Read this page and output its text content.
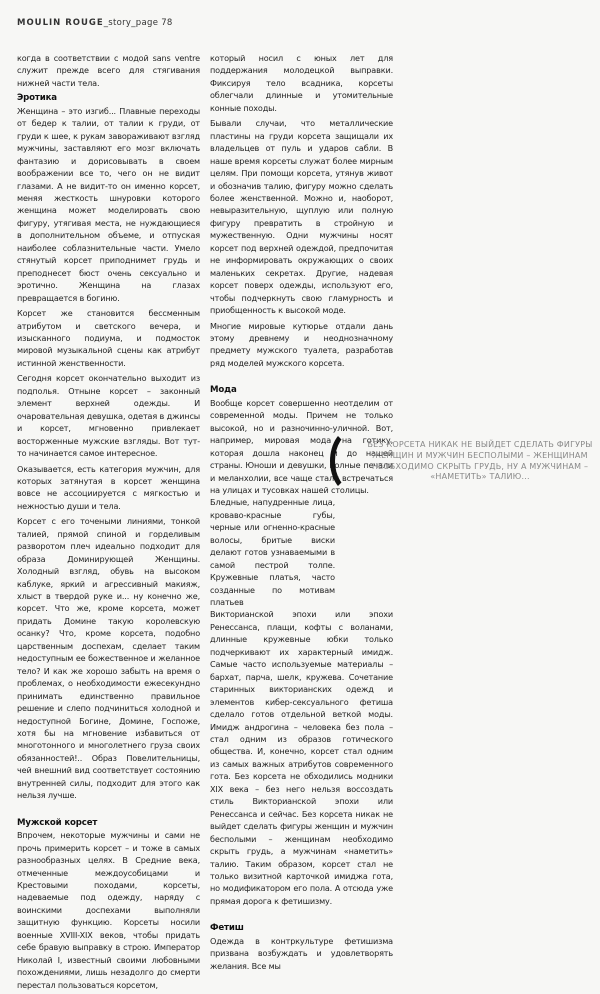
MOULIN ROUGE_story_page 78

когда в соответствии с модой sans ventre служит прежде всего для стягивания нижней части тела.

Эротика

Женщина – это изгиб... Плавные переходы от бедер к талии, от талии к груди, от груди к шее, к рукам завораживают взгляд мужчины, заставляют его мозг включать фантазию и дорисовывать в своем воображении все то, чего он не видит глазами. А не видит-то он именно корсет, меняя жесткость шнуровки которого женщина может моделировать свою фигуру, утягивая места, не нуждающиеся в дополнительном объеме, и отпуская наиболее соблазнительные части. Умело стянутый корсет приподнимет грудь и преподнесет бюст очень сексуально и эротично. Женщина на глазах превращается в богиню.

Корсет же становится бессменным атрибутом и светского вечера, и изысканного подиума, и подмосток мировой музыкальной сцены как атрибут истинной женственности.

Сегодня корсет окончательно выходит из подполья. Отныне корсет – законный элемент верхней одежды. И очаровательная девушка, одетая в джинсы и корсет, мгновенно привлекает восторженные мужские взгляды. Вот тут-то начинается самое интересное.

Оказывается, есть категория мужчин, для которых затянутая в корсет женщина вовсе не ассоциируется с мягкостью и нежностью души и тела.

Корсет с его точеными линиями, тонкой талией, прямой спиной и горделивым разворотом плеч идеально подходит для образа Доминирующей Женщины. Холодный взгляд, обувь на высоком каблуке, яркий и агрессивный макияж, хлыст в твердой руке и... ну конечно же, корсет. Что же, кроме корсета, может придать Домине такую королевскую осанку? Что, кроме корсета, подобно царственным доспехам, сделает таким недоступным ее божественное и желанное тело? И как же хорошо забыть на время о проблемах, о необходимости ежесекундно принимать единственно правильное решение и слепо подчиниться холодной и недоступной Богине, Домине, Госпоже, хотя бы на мгновение избавиться от многотонного и многолетнего груза своих обязанностей!.. Образ Повелительницы, чей внешний вид соответствует состоянию внутренней силы, подходит для этого как нельзя лучше.

Мужской корсет

Впрочем, некоторые мужчины и сами не прочь примерить корсет – и тоже в самых разнообразных целях. В Средние века, отмеченные междоусобицами и Крестовыми походами, корсеты, надеваемые под одежду, наряду с воинскими доспехами выполняли защитную функцию. Корсеты носили военные XVIII-XIX веков, чтобы придать себе бравую выправку в строю. Император Николай I, известный своими любовными похождениями, лишь незадолго до смерти перестал пользоваться корсетом,

который носил с юных лет для поддержания молодецкой выправки. Фиксируя тело всадника, корсеты облегчали длинные и утомительные конные походы.

Бывали случаи, что металлические пластины на груди корсета защищали их владельцев от пуль и ударов сабли. В наше время корсеты служат более мирным целям. При помощи корсета, утянув живот и обозначив талию, фигуру можно сделать более женственной. Можно и, наоборот, невыразительную, щуплую или полную фигуру превратить в стройную и мужественную. Одни мужчины носят корсет под верхней одеждой, предпочитая не информировать окружающих о своих маленьких секретах. Другие, надевая корсет поверх одежды, используют его, чтобы подчеркнуть свою гламурность и приобщенность к высокой моде.

Многие мировые кутюрье отдали дань этому древнему и неоднозначному предмету мужского туалета, разработав ряд моделей мужского корсета.

Мода

Вообще корсет совершенно неотделим от современной моды. Причем не только высокой, но и разночинно-уличной. Вот, например, мировая мода на готику, которая дошла наконец и до нашей страны. Юноши и девушки, полные печали и меланхолии, все чаще стали встречаться на улицах и тусовках нашей столицы.

Бледные, напудренные лица, кроваво-красные губы, черные или огненно-красные волосы, бритые виски делают готов узнаваемыми в самой пестрой толпе. Кружевные платья, часто созданные по мотивам платьев

Викторианской эпохи или эпохи Ренессанса, плащи, кофты с воланами, длинные кружевные юбки только подчеркивают их характерный имидж. Самые часто используемые материалы – бархат, парча, шелк, кружева. Сочетание старинных викторианских одежд и элементов кибер-сексуального фетиша сделало готов отдельной веткой моды. Имидж андрогина – человека без пола – стал одним из образов готического общества. И, конечно, корсет стал одним из самых важных атрибутов современного гота. Без корсета не обходились модники XIX века – без него нельзя воссоздать стиль Викторианской эпохи или Ренессанса и сейчас. Без корсета никак не выйдет сделать фигуры женщин и мужчин бесполыми – женщинам необходимо скрыть грудь, а мужчинам «наметить» талию. Таким образом, корсет стал не только визитной карточкой имиджа гота, но модификатором его пола. А отсюда уже прямая дорога к фетишизму.

Фетиш

Одежда в контркультуре фетишизма призвана возбуждать и удовлетворять желания. Все мы

БЕЗ КОРСЕТА НИКАК НЕ ВЫЙДЕТ СДЕЛАТЬ ФИГУРЫ ЖЕНЩИН И МУЖЧИН БЕСПОЛЫМИ – ЖЕНЩИНАМ НЕОБХОДИМО СКРЫТЬ ГРУДЬ, НУ А МУЖЧИНАМ – «НАМЕТИТЬ» ТАЛИЮ...
